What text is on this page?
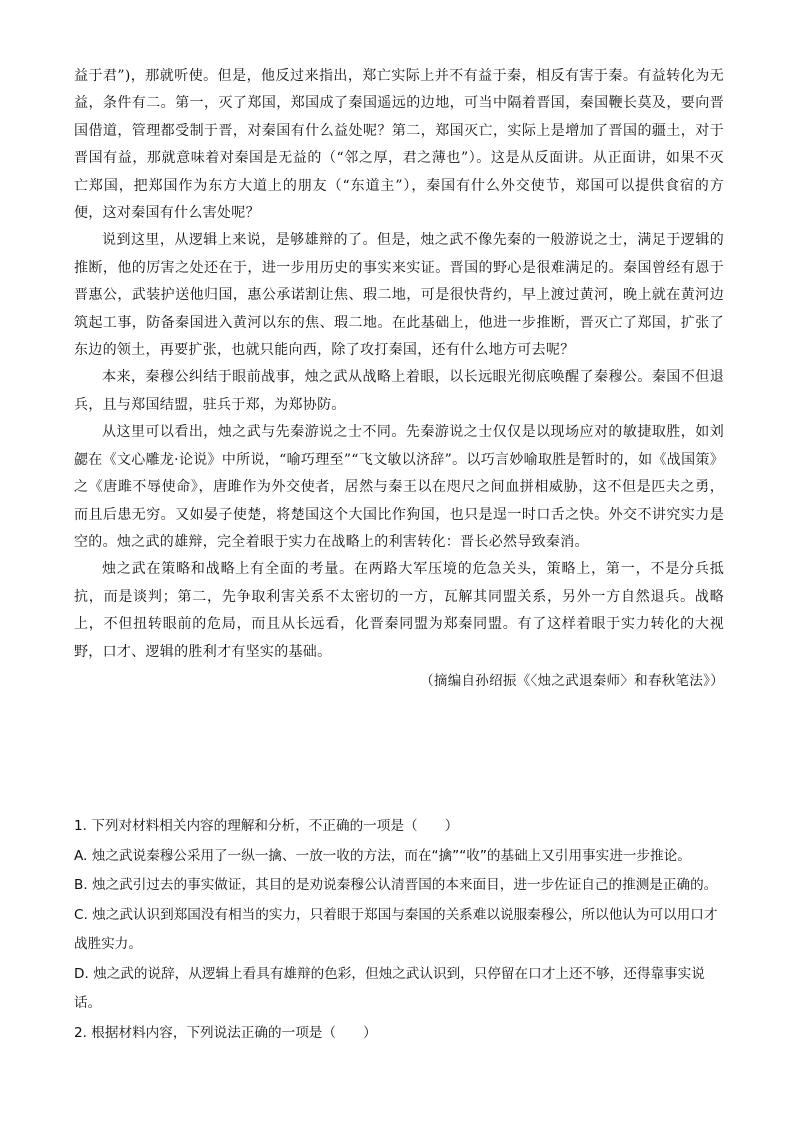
益于君”)，那就听使。但是，他反过来指出，郑亡实际上并不有益于秦，相反有害于秦。有益转化为无益，条件有二。第一，灭了郑国，郑国成了秦国遥远的边地，可当中隔着晋国，秦国鞭长莫及，要向晋国借道，管理都受制于晋，对秦国有什么益处呢？第二，郑国灭亡，实际上是增加了晋国的疆土，对于晋国有益，那就意味着对秦国是无益的（“邻之厚，君之薄也”）。这是从反面讲。从正面讲，如果不灭亡郑国，把郑国作为东方大道上的朋友（“东道主”），秦国有什么外交使节，郑国可以提供食宿的方便，这对秦国有什么害处呢？

说到这里，从逻辑上来说，是够雄辩的了。但是，烛之武不像先秦的一般游说之士，满足于逻辑的推断，他的厉害之处还在于，进一步用历史的事实来实证。晋国的野心是很难满足的。秦国曾经有恩于晋惠公，武装护送他归国，惠公承诺割让焦、瑕二地，可是很快背约，早上渡过黄河，晚上就在黄河边筑起工事，防备秦国进入黄河以东的焦、瑕二地。在此基础上，他进一步推断，晋灭亡了郑国，扩张了东边的领土，再要扩张，也就只能向西，除了攻打秦国，还有什么地方可去呢？

本来，秦穆公纠结于眼前战事，烛之武从战略上着眼，以长远眼光彻底唤醒了秦穆公。秦国不但退兵，且与郑国结盟，驻兵于郑，为郑协防。

从这里可以看出，烛之武与先秦游说之士不同。先秦游说之士仅仅是以现场应对的敏捷取胜，如刘勰在《文心雕龙·论说》中所说，“喻巧理至”“飞文敏以济辞”。以巧言妙喻取胜是暂时的，如《战国策》之《唐雎不辱使命》，唐雎作为外交使者，居然与秦王以在咫尺之间血拼相威胁，这不但是匹夫之勇，而且后患无穷。又如晏子使楚，将楚国这个大国比作狗国，也只是逞一时口舌之快。外交不讲究实力是空的。烛之武的雄辩，完全着眼于实力在战略上的利害转化：晋长必然导致秦消。

烛之武在策略和战略上有全面的考量。在两路大军压境的危急关头，策略上，第一，不是分兵抵抗，而是谈判；第二，先争取利害关系不太密切的一方，瓦解其同盟关系，另外一方自然退兵。战略上，不但扭转眼前的危局，而且从长远看，化晋秦同盟为郑秦同盟。有了这样着眼于实力转化的大视野，口才、逻辑的胜利才有坚实的基础。

（摘编自孙绍振《〈烛之武退秦师〉和春秋笔法》）

1. 下列对材料相关内容的理解和分析，不正确的一项是（　　）

A. 烛之武说秦穆公采用了一纵一擒、一放一收的方法，而在“擒”“收”的基础上又引用事实进一步推论。

B. 烛之武引过去的事实做证，其目的是劝说秦穆公认清晋国的本来面目，进一步佐证自己的推测是正确的。

C. 烛之武认识到郑国没有相当的实力，只着眼于郑国与秦国的关系难以说服秦穆公，所以他认为可以用口才战胜实力。

D. 烛之武的说辞，从逻辑上看具有雄辩的色彩，但烛之武认识到，只停留在口才上还不够，还得靠事实说话。

2. 根据材料内容，下列说法正确的一项是（　　）
